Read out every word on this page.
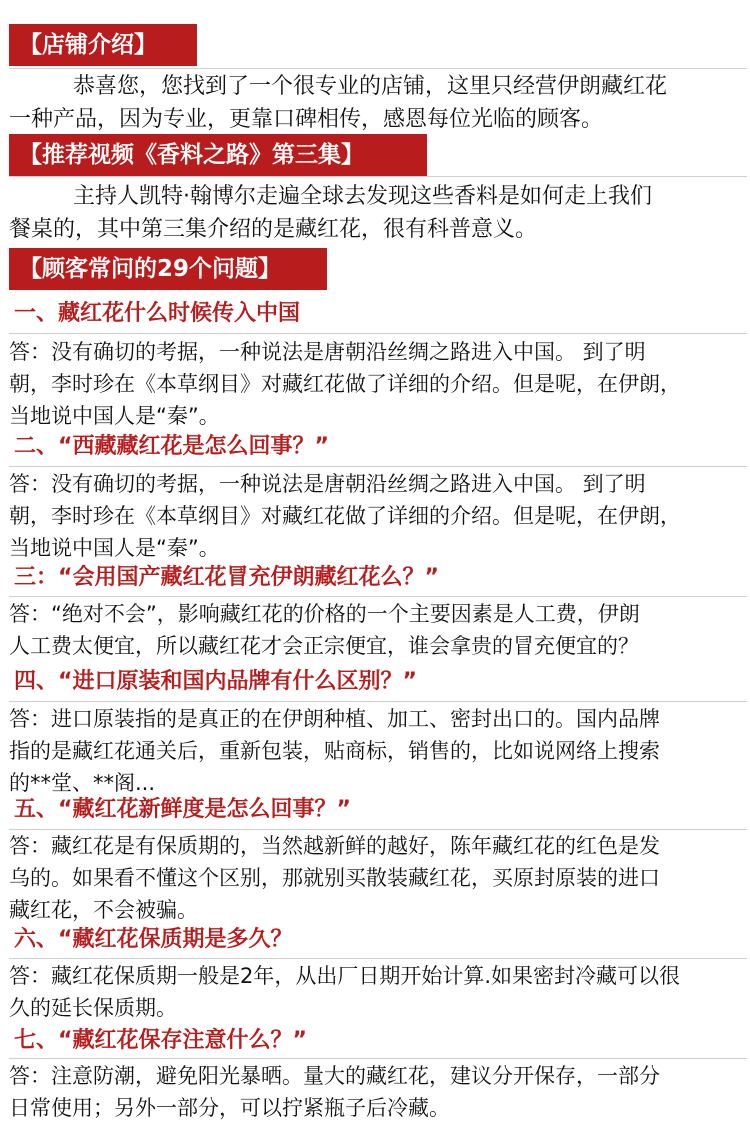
【店铺介绍】
恭喜您，您找到了一个很专业的店铺，这里只经营伊朗藏红花
一种产品，因为专业，更靠口碑相传，感恩每位光临的顾客。
【推荐视频《香料之路》第三集】
主持人凯特·翰博尔走遍全球去发现这些香料是如何走上我们
餐桌的，其中第三集介绍的是藏红花，很有科普意义。
【顾客常问的29个问题】
一、藏红花什么时候传入中国
答：没有确切的考据，一种说法是唐朝沿丝绸之路进入中国。 到了明
朝，李时珍在《本草纲目》对藏红花做了详细的介绍。但是呢，在伊朗，
当地说中国人是“秦”。
二、“西藏藏红花是怎么回事？”
答：没有确切的考据，一种说法是唐朝沿丝绸之路进入中国。 到了明
朝，李时珍在《本草纲目》对藏红花做了详细的介绍。但是呢，在伊朗，
当地说中国人是“秦”。
三：“会用国产藏红花冒充伊朗藏红花么？”
答：“绝对不会”，影响藏红花的价格的一个主要因素是人工费，伊朗
人工费太便宜，所以藏红花才会正宗便宜，谁会拿贵的冒充便宜的？
四、“进口原装和国内品牌有什么区别？”
答：进口原装指的是真正的在伊朗种植、加工、密封出口的。国内品牌
指的是藏红花通关后，重新包装，贴商标，销售的，比如说网络上搜索
的**堂、**阁...
五、“藏红花新鲜度是怎么回事？”
答：藏红花是有保质期的，当然越新鲜的越好，陈年藏红花的红色是发
乌的。如果看不懂这个区别，那就别买散装藏红花，买原封原装的进口
藏红花，不会被骗。
六、“藏红花保质期是多久？
答：藏红花保质期一般是2年，从出厂日期开始计算.如果密封冷藏可以很
久的延长保质期。
七、“藏红花保存注意什么？”
答：注意防潮，避免阳光暴晒。量大的藏红花，建议分开保存，一部分
日常使用；另外一部分，可以拧紧瓶子后冷藏。
